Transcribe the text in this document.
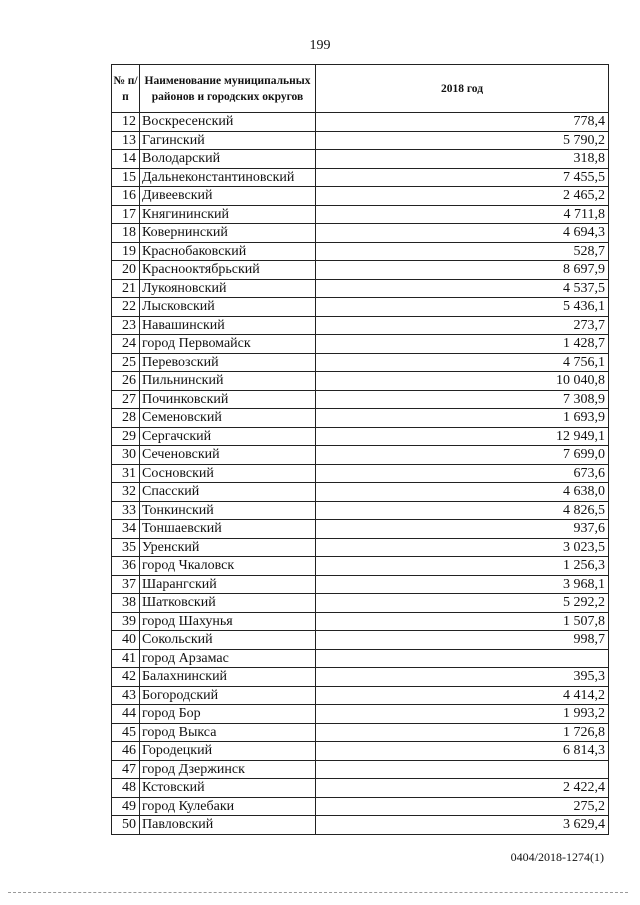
199
№ п/п	Наименование муниципальных районов и городских округов	2018 год
12	Воскресенский	778,4
13	Гагинский	5 790,2
14	Володарский	318,8
15	Дальнеконстантиновский	7 455,5
16	Дивеевский	2 465,2
17	Княгининский	4 711,8
18	Ковернинский	4 694,3
19	Краснобаковский	528,7
20	Краснооктябрьский	8 697,9
21	Лукояновский	4 537,5
22	Лысковский	5 436,1
23	Навашинский	273,7
24	город Первомайск	1 428,7
25	Перевозский	4 756,1
26	Пильнинский	10 040,8
27	Починковский	7 308,9
28	Семеновский	1 693,9
29	Сергачский	12 949,1
30	Сеченовский	7 699,0
31	Сосновский	673,6
32	Спасский	4 638,0
33	Тонкинский	4 826,5
34	Тоншаевский	937,6
35	Уренский	3 023,5
36	город Чкаловск	1 256,3
37	Шарангский	3 968,1
38	Шатковский	5 292,2
39	город Шахунья	1 507,8
40	Сокольский	998,7
41	город Арзамас	
42	Балахнинский	395,3
43	Богородский	4 414,2
44	город Бор	1 993,2
45	город Выкса	1 726,8
46	Городецкий	6 814,3
47	город Дзержинск	
48	Кстовский	2 422,4
49	город Кулебаки	275,2
50	Павловский	3 629,4
0404/2018-1274(1)
